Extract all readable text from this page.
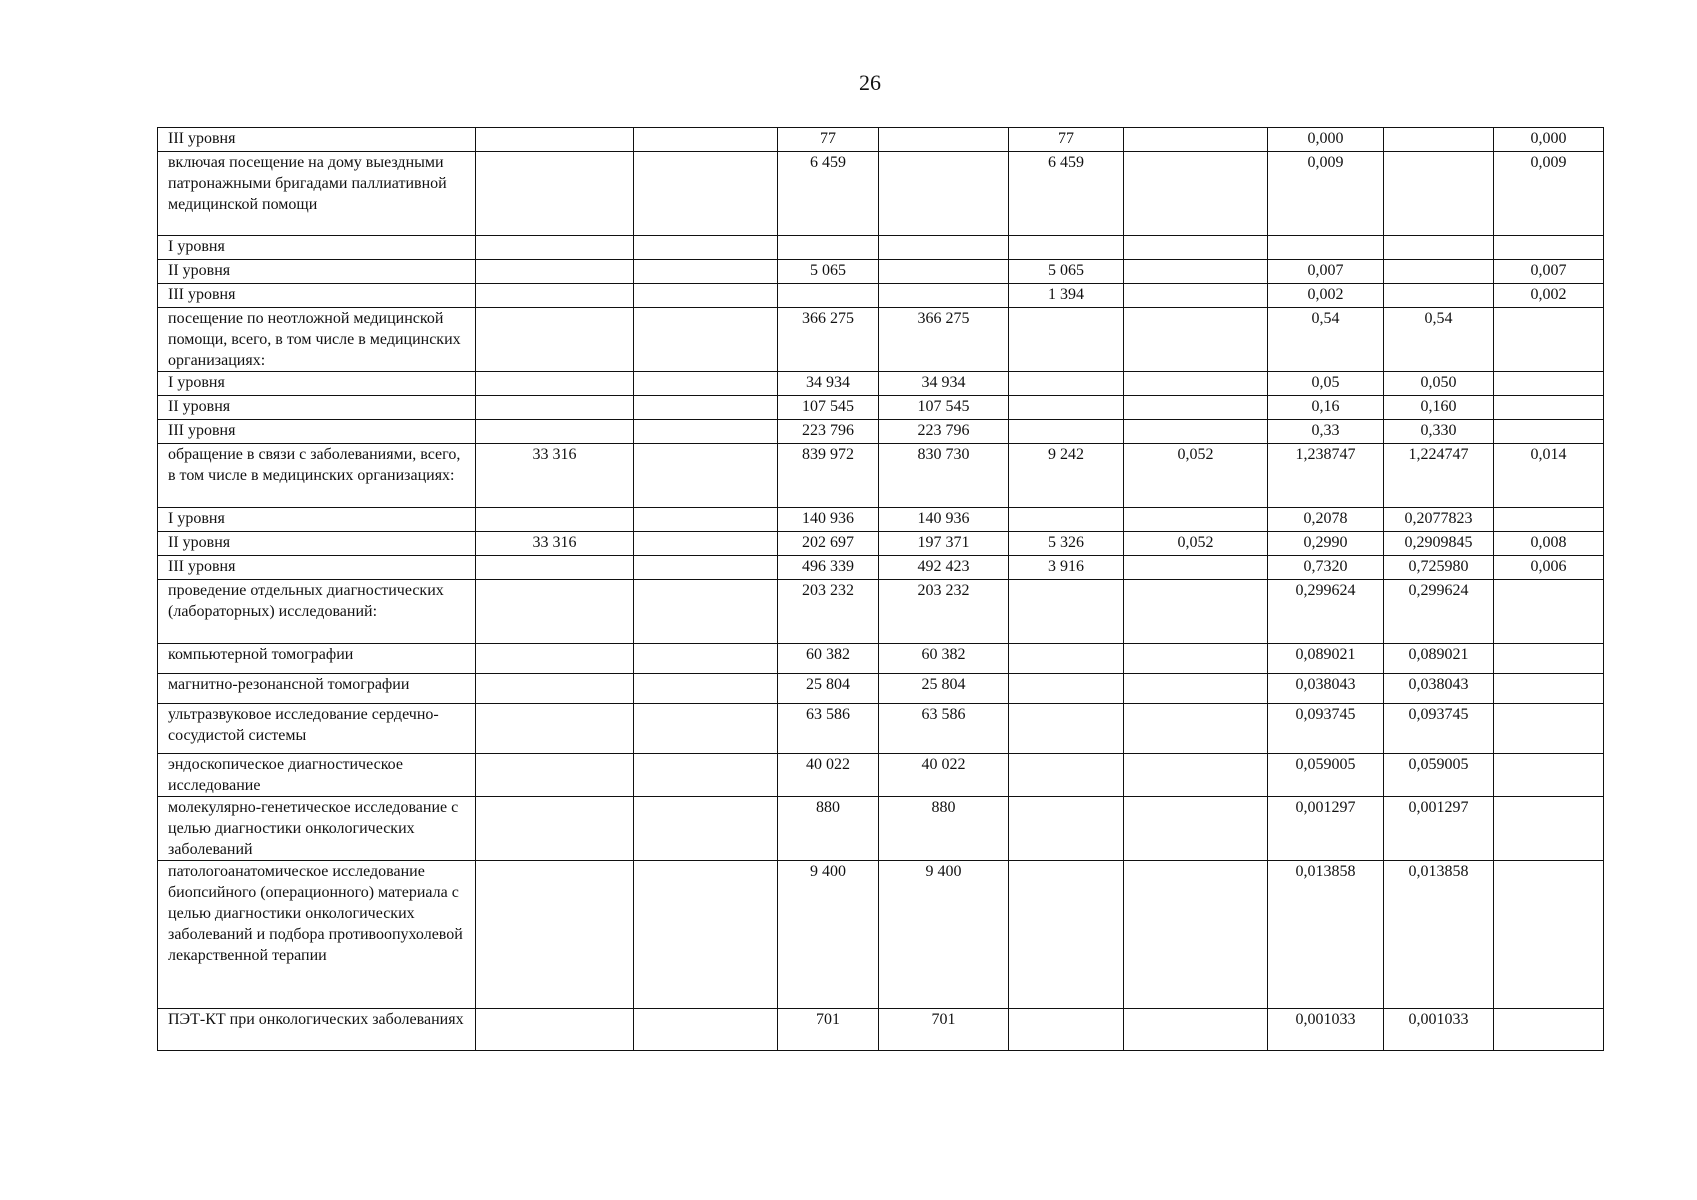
26
III уровня			77		77		0,000		0,000
включая посещение на дому выездными патронажными бригадами паллиативной медицинской помощи			6 459		6 459		0,009		0,009
I уровня									
II уровня			5 065		5 065		0,007		0,007
III уровня					1 394		0,002		0,002
посещение по неотложной медицинской помощи, всего, в том числе в медицинских организациях:			366 275	366 275			0,54	0,54	
I уровня			34 934	34 934			0,05	0,050	
II уровня			107 545	107 545			0,16	0,160	
III уровня			223 796	223 796			0,33	0,330	
обращение в связи с заболеваниями, всего, в том числе в медицинских организациях:	33 316		839 972	830 730	9 242	0,052	1,238747	1,224747	0,014
I уровня			140 936	140 936			0,2078	0,2077823	
II уровня	33 316		202 697	197 371	5 326	0,052	0,2990	0,2909845	0,008
III уровня			496 339	492 423	3 916		0,7320	0,725980	0,006
проведение отдельных диагностических (лабораторных) исследований:			203 232	203 232			0,299624	0,299624	
компьютерной томографии			60 382	60 382			0,089021	0,089021	
магнитно-резонансной томографии			25 804	25 804			0,038043	0,038043	
ультразвуковое исследование сердечно-сосудистой системы			63 586	63 586			0,093745	0,093745	
эндоскопическое диагностическое исследование			40 022	40 022			0,059005	0,059005	
молекулярно-генетическое исследование с целью диагностики онкологических заболеваний			880	880			0,001297	0,001297	
патологоанатомическое исследование биопсийного (операционного) материала с целью диагностики онкологических заболеваний и подбора противоопухолевой лекарственной терапии			9 400	9 400			0,013858	0,013858	
ПЭТ-КТ при онкологических заболеваниях			701	701			0,001033	0,001033	
